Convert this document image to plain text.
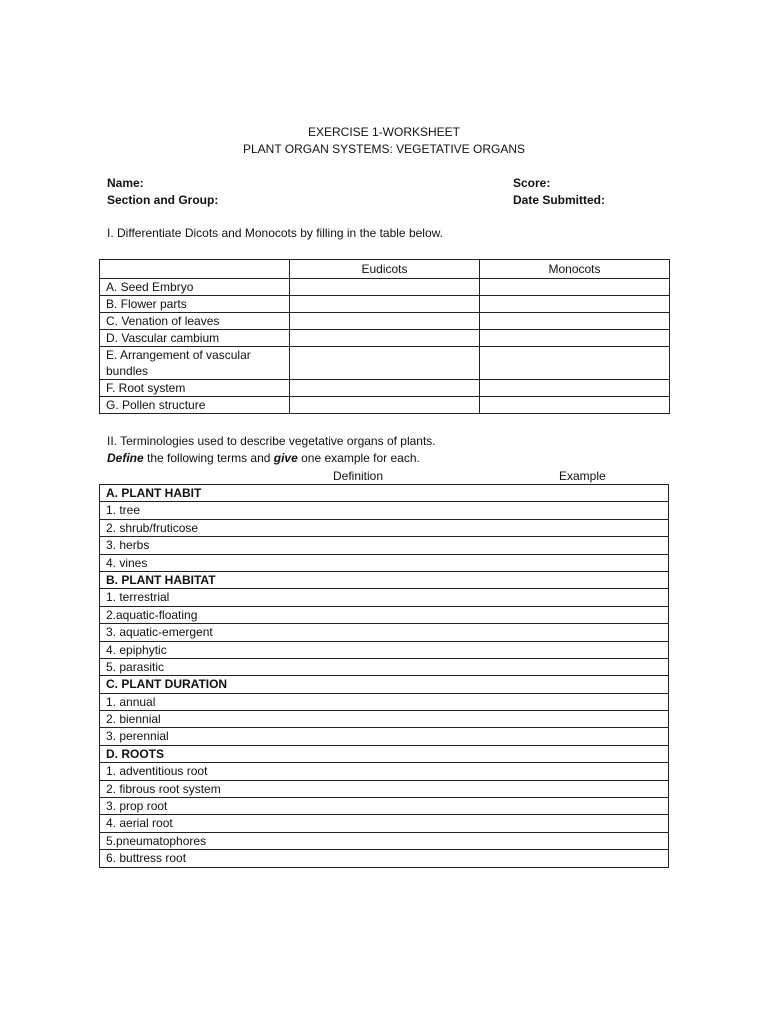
EXERCISE 1-WORKSHEET
PLANT ORGAN SYSTEMS: VEGETATIVE ORGANS
Name:
Section and Group:
Score:
Date Submitted:
I. Differentiate Dicots and Monocots by filling in the table below.
	Eudicots	Monocots
A. Seed Embryo		
B. Flower parts		
C. Venation of leaves		
D. Vascular cambium		
E. Arrangement of vascular bundles		
F. Root system		
G. Pollen structure		
II. Terminologies used to describe vegetative organs of plants.
Define the following terms and give one example for each.
Definition	Example
A. PLANT HABIT
1. tree
2. shrub/fruticose
3. herbs
4. vines
B. PLANT HABITAT
1. terrestrial
2.aquatic-floating
3. aquatic-emergent
4. epiphytic
5. parasitic
C. PLANT DURATION
1. annual
2. biennial
3. perennial
D. ROOTS
1. adventitious root
2. fibrous root system
3. prop root
4. aerial root
5.pneumatophores
6. buttress root
